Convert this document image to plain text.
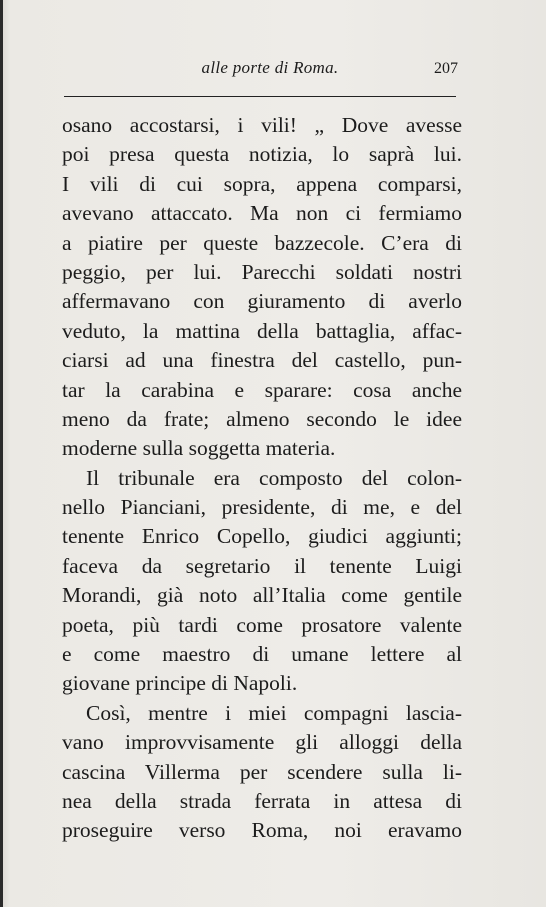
alle porte di Roma.	207
osano accostarsi, i vili! „ Dove avesse
poi presa questa notizia, lo saprà lui.
I vili di cui sopra, appena comparsi,
avevano attaccato. Ma non ci fermiamo
a piatire per queste bazzecole. C’era di
peggio, per lui. Parecchi soldati nostri
affermavano con giuramento di averlo
veduto, la mattina della battaglia, affac-
ciarsi ad una finestra del castello, pun-
tar la carabina e sparare: cosa anche
meno da frate; almeno secondo le idee
moderne sulla soggetta materia.
Il tribunale era composto del colon-
nello Pianciani, presidente, di me, e del
tenente Enrico Copello, giudici aggiunti;
faceva da segretario il tenente Luigi
Morandi, già noto all’Italia come gentile
poeta, più tardi come prosatore valente
e come maestro di umane lettere al
giovane principe di Napoli.
Così, mentre i miei compagni lascia-
vano improvvisamente gli alloggi della
cascina Villerma per scendere sulla li-
nea della strada ferrata in attesa di
proseguire verso Roma, noi eravamo
